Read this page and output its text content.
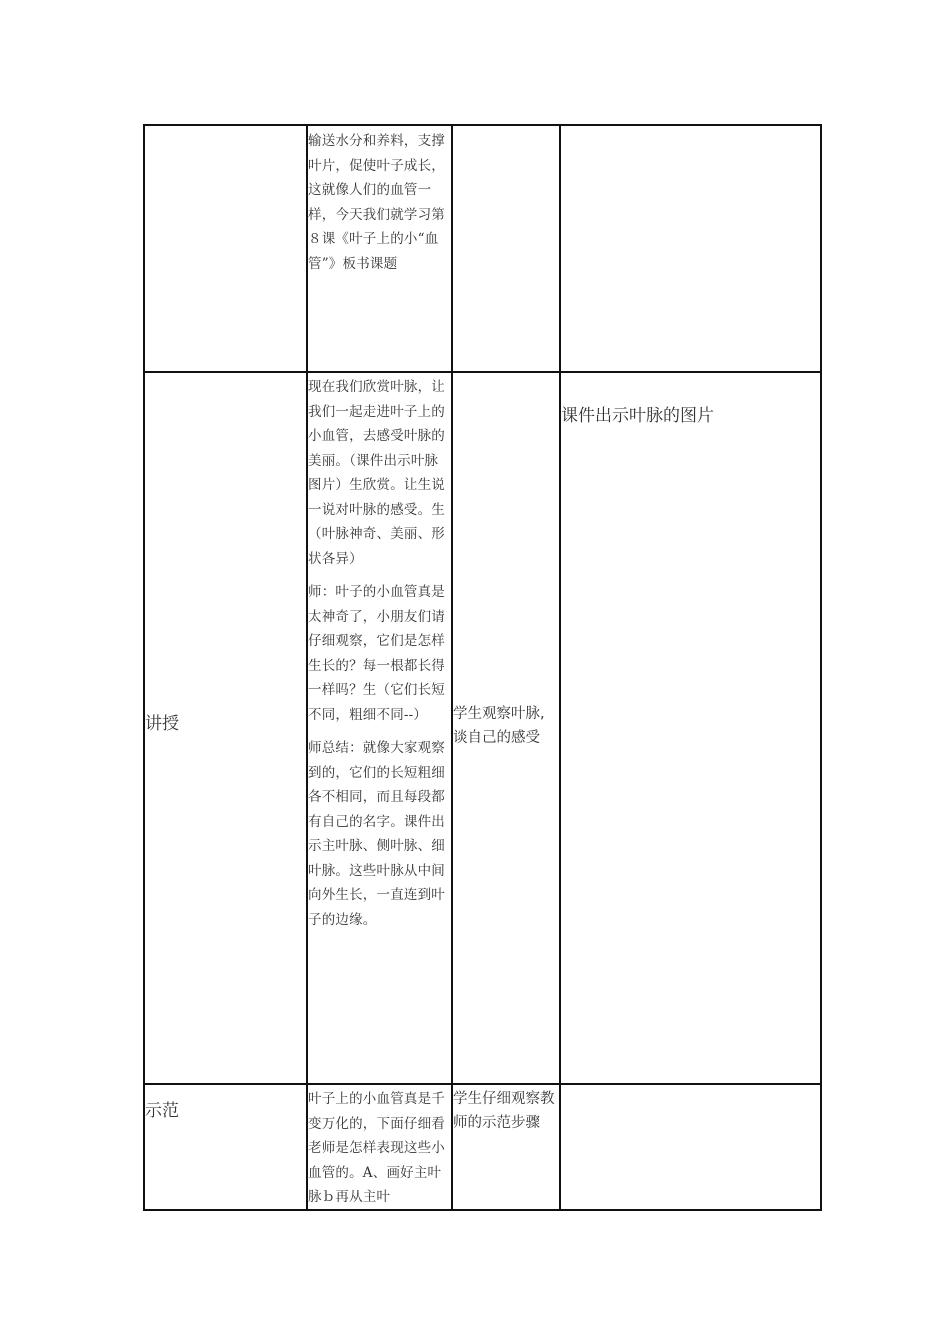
输送水分和养料，支撑叶片，促使叶子成长，这就像人们的血管一样，今天我们就学习第８课《叶子上的小“血管”》板书课题

讲授

现在我们欣赏叶脉，让我们一起走进叶子上的小血管，去感受叶脉的美丽。（课件出示叶脉图片）生欣赏。让生说一说对叶脉的感受。生（叶脉神奇、美丽、形状各异）

师：叶子的小血管真是太神奇了，小朋友们请仔细观察，它们是怎样生长的？每一根都长得一样吗？生（它们长短不同，粗细不同--）

师总结：就像大家观察到的，它们的长短粗细各不相同，而且每段都有自己的名字。课件出示主叶脉、侧叶脉、细叶脉。这些叶脉从中间向外生长，一直连到叶子的边缘。

学生观察叶脉,谈自己的感受
课件出示叶脉的图片
示范

叶子上的小血管真是千变万化的，下面仔细看老师是怎样表现这些小血管的。A、画好主叶脉ｂ再从主叶

学生仔细观察教师的示范步骤
